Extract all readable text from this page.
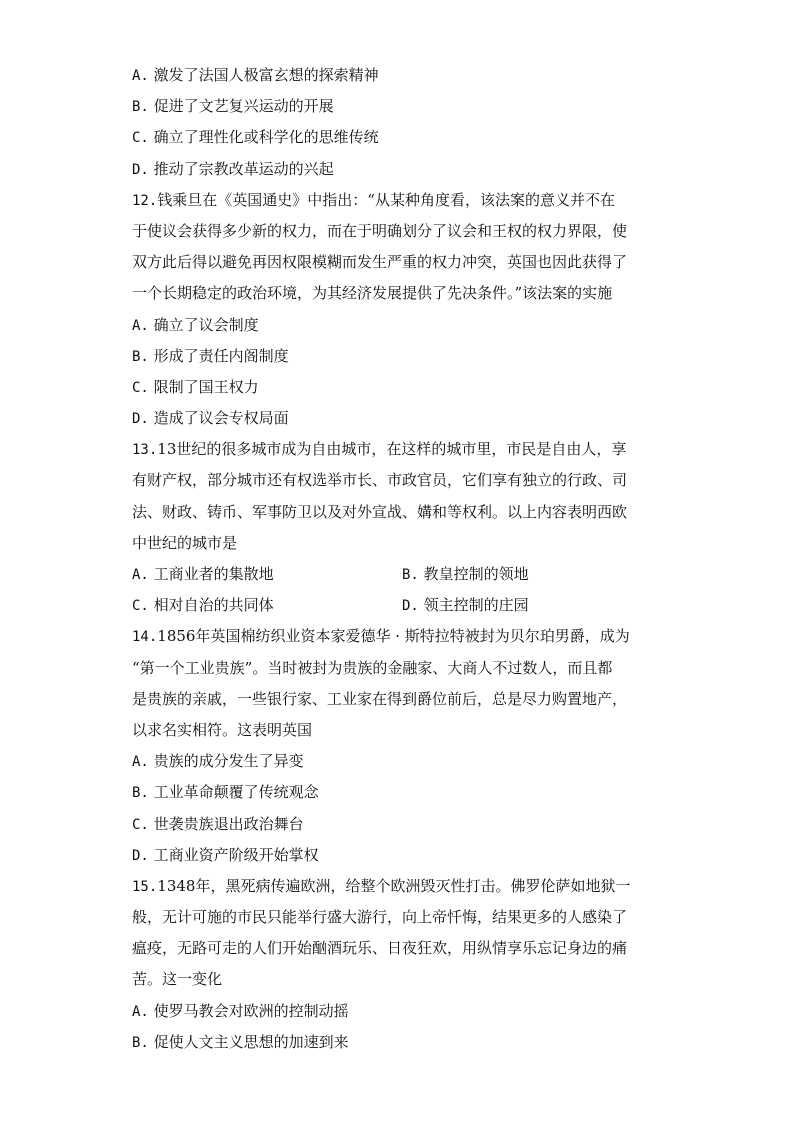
A. 激发了法国人极富玄想的探索精神
B. 促进了文艺复兴运动的开展
C. 确立了理性化或科学化的思维传统
D. 推动了宗教改革运动的兴起
12.钱乘旦在《英国通史》中指出：“从某种角度看，该法案的意义并不在
于使议会获得多少新的权力，而在于明确划分了议会和王权的权力界限，使
双方此后得以避免再因权限模糊而发生严重的权力冲突，英国也因此获得了
一个长期稳定的政治环境，为其经济发展提供了先决条件。”该法案的实施
A. 确立了议会制度
B. 形成了责任内阁制度
C. 限制了国王权力
D. 造成了议会专权局面
13.13世纪的很多城市成为自由城市，在这样的城市里，市民是自由人，享
有财产权，部分城市还有权选举市长、市政官员，它们享有独立的行政、司
法、财政、铸币、军事防卫以及对外宣战、媾和等权利。以上内容表明西欧
中世纪的城市是
A. 工商业者的集散地	B. 教皇控制的领地
C. 相对自治的共同体	D. 领主控制的庄园
14.1856年英国棉纺织业资本家爱德华 · 斯特拉特被封为贝尔珀男爵，成为
“第一个工业贵族”。当时被封为贵族的金融家、大商人不过数人，而且都
是贵族的亲戚，一些银行家、工业家在得到爵位前后，总是尽力购置地产，
以求名实相符。这表明英国
A. 贵族的成分发生了异变
B. 工业革命颠覆了传统观念
C. 世袭贵族退出政治舞台
D. 工商业资产阶级开始掌权
15.1348年，黑死病传遍欧洲，给整个欧洲毁灭性打击。佛罗伦萨如地狱一
般，无计可施的市民只能举行盛大游行，向上帝忏悔，结果更多的人感染了
瘟疫，无路可走的人们开始酗酒玩乐、日夜狂欢，用纵情享乐忘记身边的痛
苦。这一变化
A. 使罗马教会对欧洲的控制动摇
B. 促使人文主义思想的加速到来
